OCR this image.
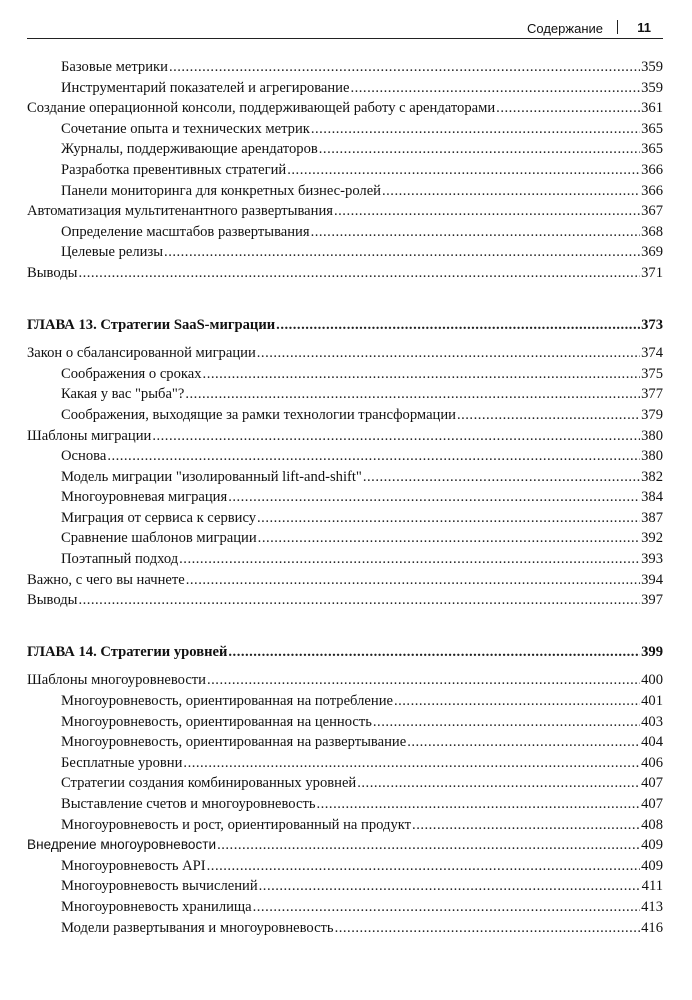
Содержание	11
Базовые метрики .....	359
Инструментарий показателей и агрегирование .....	359
Создание операционной консоли, поддерживающей работу с арендаторами .....	361
Сочетание опыта и технических метрик .....	365
Журналы, поддерживающие арендаторов .....	365
Разработка превентивных стратегий .....	366
Панели мониторинга для конкретных бизнес-ролей .....	366
Автоматизация мультитенантного развертывания .....	367
Определение масштабов развертывания .....	368
Целевые релизы .....	369
Выводы .....	371
ГЛАВА 13. Стратегии SaaS-миграции .....	373
Закон о сбалансированной миграции .....	374
Соображения о сроках .....	375
Какая у вас "рыба"? .....	377
Соображения, выходящие за рамки технологии трансформации .....	379
Шаблоны миграции .....	380
Основа .....	380
Модель миграции "изолированный lift-and-shift" .....	382
Многоуровневая миграция .....	384
Миграция от сервиса к сервису .....	387
Сравнение шаблонов миграции .....	392
Поэтапный подход .....	393
Важно, с чего вы начнете .....	394
Выводы .....	397
ГЛАВА 14. Стратегии уровней .....	399
Шаблоны многоуровневости .....	400
Многоуровневость, ориентированная на потребление .....	401
Многоуровневость, ориентированная на ценность .....	403
Многоуровневость, ориентированная на развертывание .....	404
Бесплатные уровни .....	406
Стратегии создания комбинированных уровней .....	407
Выставление счетов и многоуровневость .....	407
Многоуровневость и рост, ориентированный на продукт .....	408
Внедрение многоуровневости .....	409
Многоуровневость API .....	409
Многоуровневость вычислений .....	411
Многоуровневость хранилища .....	413
Модели развертывания и многоуровневость .....	416
